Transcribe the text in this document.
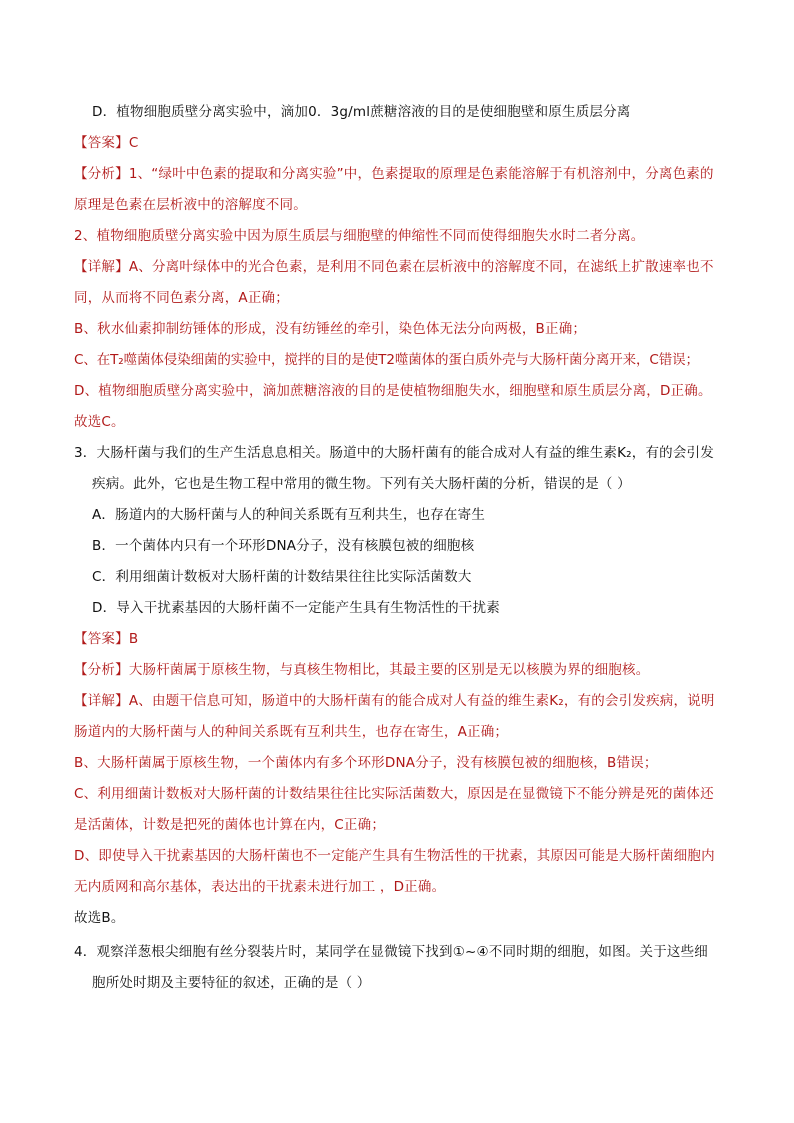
D．植物细胞质壁分离实验中，滴加0．3g/ml蔗糖溶液的目的是使细胞壁和原生质层分离
【答案】C
【分析】1、“绿叶中色素的提取和分离实验”中，色素提取的原理是色素能溶解于有机溶剂中，分离色素的
原理是色素在层析液中的溶解度不同。
2、植物细胞质壁分离实验中因为原生质层与细胞壁的伸缩性不同而使得细胞失水时二者分离。
【详解】A、分离叶绿体中的光合色素，是利用不同色素在层析液中的溶解度不同，在滤纸上扩散速率也不
同，从而将不同色素分离，A正确；
B、秋水仙素抑制纺锤体的形成，没有纺锤丝的牵引，染色体无法分向两极，B正确；
C、在T₂噬菌体侵染细菌的实验中，搅拌的目的是使T2噬菌体的蛋白质外壳与大肠杆菌分离开来，C错误；
D、植物细胞质壁分离实验中，滴加蔗糖溶液的目的是使植物细胞失水，细胞壁和原生质层分离，D正确。
故选C。
3．大肠杆菌与我们的生产生活息息相关。肠道中的大肠杆菌有的能合成对人有益的维生素K₂，有的会引发
疾病。此外，它也是生物工程中常用的微生物。下列有关大肠杆菌的分析，错误的是（ ）
A．肠道内的大肠杆菌与人的种间关系既有互利共生，也存在寄生
B．一个菌体内只有一个环形DNA分子，没有核膜包被的细胞核
C．利用细菌计数板对大肠杆菌的计数结果往往比实际活菌数大
D．导入干扰素基因的大肠杆菌不一定能产生具有生物活性的干扰素
【答案】B
【分析】大肠杆菌属于原核生物，与真核生物相比，其最主要的区别是无以核膜为界的细胞核。
【详解】A、由题干信息可知，肠道中的大肠杆菌有的能合成对人有益的维生素K₂，有的会引发疾病，说明
肠道内的大肠杆菌与人的种间关系既有互利共生，也存在寄生，A正确；
B、大肠杆菌属于原核生物，一个菌体内有多个环形DNA分子，没有核膜包被的细胞核，B错误；
C、利用细菌计数板对大肠杆菌的计数结果往往比实际活菌数大，原因是在显微镜下不能分辨是死的菌体还
是活菌体，计数是把死的菌体也计算在内，C正确；
D、即使导入干扰素基因的大肠杆菌也不一定能产生具有生物活性的干扰素，其原因可能是大肠杆菌细胞内
无内质网和高尔基体，表达出的干扰素未进行加工 ，D正确。
故选B。
4．观察洋葱根尖细胞有丝分裂装片时，某同学在显微镜下找到①~④不同时期的细胞，如图。关于这些细
胞所处时期及主要特征的叙述，正确的是（ ）
